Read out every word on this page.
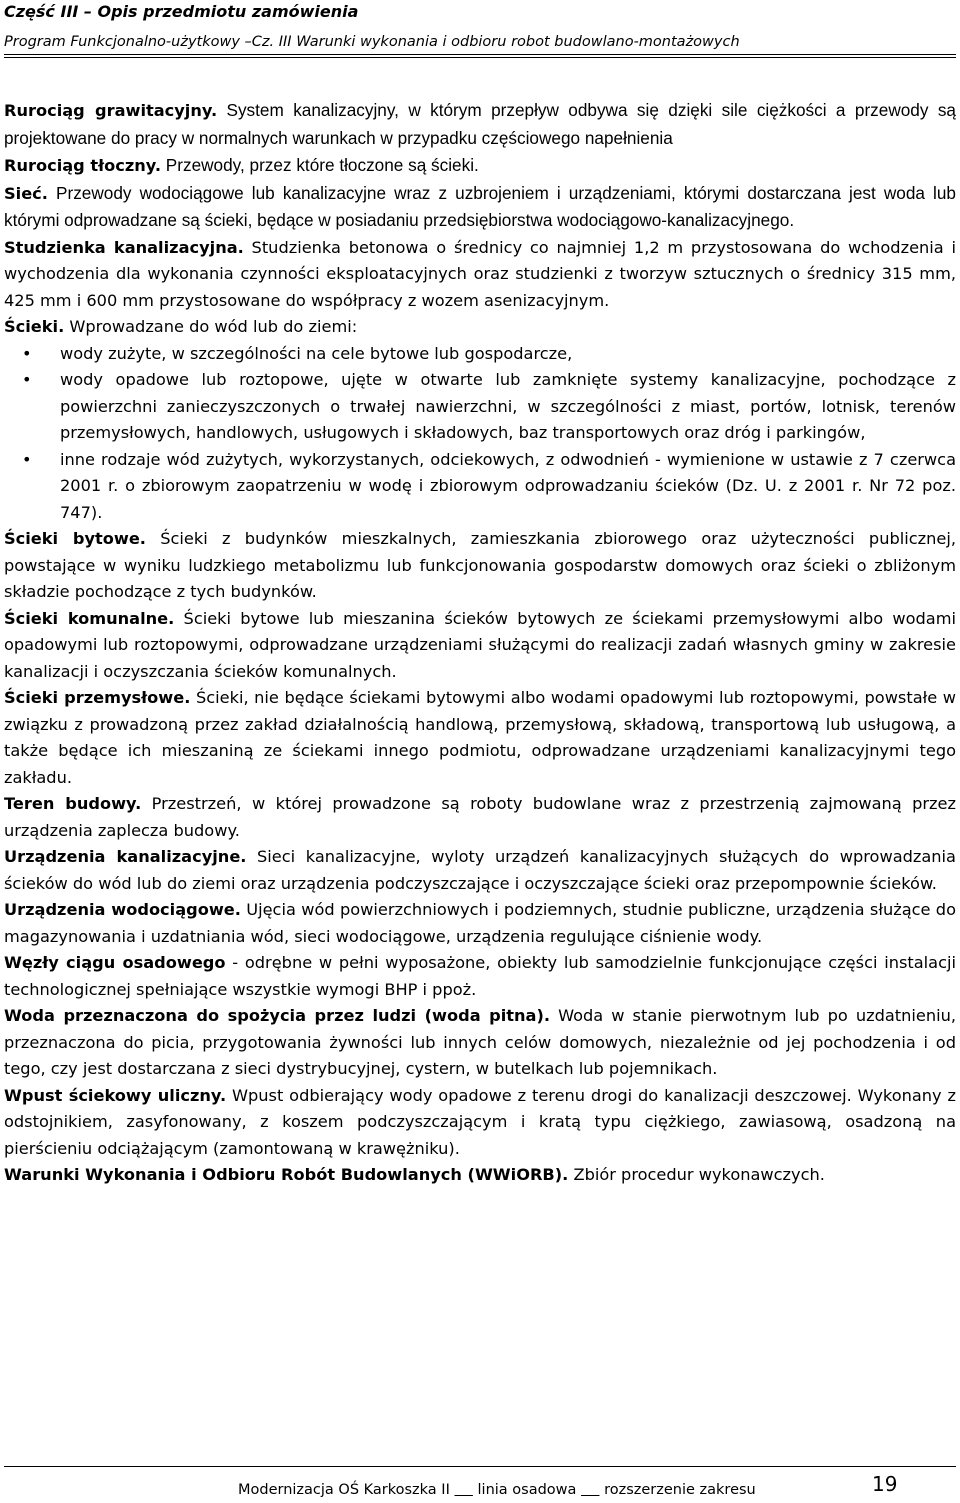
Część III – Opis przedmiotu zamówienia
Program Funkcjonalno-użytkowy –Cz. III Warunki wykonania i odbioru robot budowlano-montażowych

Rurociąg grawitacyjny. System kanalizacyjny, w którym przepływ odbywa się dzięki sile ciężkości a przewody są projektowane do pracy w normalnych warunkach w przypadku częściowego napełnienia

Rurociąg tłoczny. Przewody, przez które tłoczone są ścieki.

Sieć. Przewody wodociągowe lub kanalizacyjne wraz z uzbrojeniem i urządzeniami, którymi dostarczana jest woda lub którymi odprowadzane są ścieki, będące w posiadaniu przedsiębiorstwa wodociągowo-kanalizacyjnego.

Studzienka kanalizacyjna. Studzienka betonowa o średnicy co najmniej 1,2 m przystosowana do wchodzenia i wychodzenia dla wykonania czynności eksploatacyjnych oraz studzienki z tworzyw sztucznych o średnicy 315 mm, 425 mm i 600 mm przystosowane do współpracy z wozem asenizacyjnym.

Ścieki. Wprowadzane do wód lub do ziemi:

• wody zużyte, w szczególności na cele bytowe lub gospodarcze,
• wody opadowe lub roztopowe, ujęte w otwarte lub zamknięte systemy kanalizacyjne, pochodzące z powierzchni zanieczyszczonych o trwałej nawierzchni, w szczególności z miast, portów, lotnisk, terenów przemysłowych, handlowych, usługowych i składowych, baz transportowych oraz dróg i parkingów,
• inne rodzaje wód zużytych, wykorzystanych, odciekowych, z odwodnień - wymienione w ustawie z 7 czerwca 2001 r. o zbiorowym zaopatrzeniu w wodę i zbiorowym odprowadzaniu ścieków (Dz. U. z 2001 r. Nr 72 poz. 747).

Ścieki bytowe. Ścieki z budynków mieszkalnych, zamieszkania zbiorowego oraz użyteczności publicznej, powstające w wyniku ludzkiego metabolizmu lub funkcjonowania gospodarstw domowych oraz ścieki o zbliżonym składzie pochodzące z tych budynków.

Ścieki komunalne. Ścieki bytowe lub mieszanina ścieków bytowych ze ściekami przemysłowymi albo wodami opadowymi lub roztopowymi, odprowadzane urządzeniami służącymi do realizacji zadań własnych gminy w zakresie kanalizacji i oczyszczania ścieków komunalnych.

Ścieki przemysłowe. Ścieki, nie będące ściekami bytowymi albo wodami opadowymi lub roztopowymi, powstałe w związku z prowadzoną przez zakład działalnością handlową, przemysłową, składową, transportową lub usługową, a także będące ich mieszaniną ze ściekami innego podmiotu, odprowadzane urządzeniami kanalizacyjnymi tego zakładu.

Teren budowy. Przestrzeń, w której prowadzone są roboty budowlane wraz z przestrzenią zajmowaną przez urządzenia zaplecza budowy.

Urządzenia kanalizacyjne. Sieci kanalizacyjne, wyloty urządzeń kanalizacyjnych służących do wprowadzania ścieków do wód lub do ziemi oraz urządzenia podczyszczające i oczyszczające ścieki oraz przepompownie ścieków.

Urządzenia wodociągowe. Ujęcia wód powierzchniowych i podziemnych, studnie publiczne, urządzenia służące do magazynowania i uzdatniania wód, sieci wodociągowe, urządzenia regulujące ciśnienie wody.

Węzły ciągu osadowego - odrębne w pełni wyposażone, obiekty lub samodzielnie funkcjonujące części instalacji technologicznej spełniające wszystkie wymogi BHP i ppoż.

Woda przeznaczona do spożycia przez ludzi (woda pitna). Woda w stanie pierwotnym lub po uzdatnieniu, przeznaczona do picia, przygotowania żywności lub innych celów domowych, niezależnie od jej pochodzenia i od tego, czy jest dostarczana z sieci dystrybucyjnej, cystern, w butelkach lub pojemnikach.

Wpust ściekowy uliczny. Wpust odbierający wody opadowe z terenu drogi do kanalizacji deszczowej. Wykonany z odstojnikiem, zasyfonowany, z koszem podczyszczającym i kratą typu ciężkiego, zawiasową, osadzoną na pierścieniu odciążającym (zamontowaną w krawężniku).

Warunki Wykonania i Odbioru Robót Budowlanych (WWiORB). Zbiór procedur wykonawczych.

Modernizacja OŚ Karkoszka II linia osadowa rozszerzenie zakresu	19
